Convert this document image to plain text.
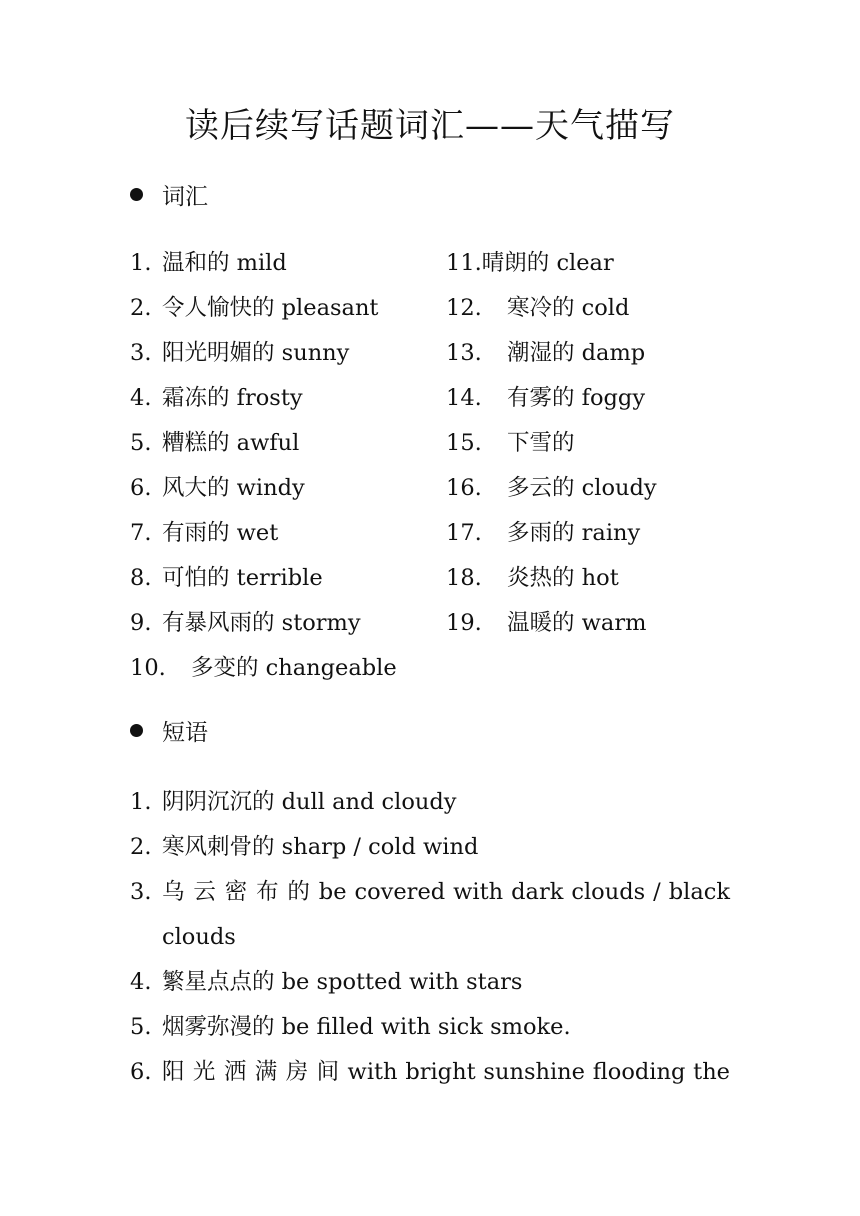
读后续写话题词汇——天气描写
词汇
1. 温和的 mild
2. 令人愉快的 pleasant
3. 阳光明媚的 sunny
4. 霜冻的 frosty
5. 糟糕的 awful
6. 风大的 windy
7. 有雨的 wet
8. 可怕的 terrible
9. 有暴风雨的 stormy
10. 多变的 changeable
11.晴朗的 clear
12. 寒冷的 cold
13. 潮湿的 damp
14. 有雾的 foggy
15. 下雪的
16. 多云的 cloudy
17. 多雨的 rainy
18. 炎热的 hot
19. 温暖的 warm
短语
1. 阴阴沉沉的 dull and cloudy
2. 寒风刺骨的 sharp / cold wind
3. 乌 云 密 布 的 be covered with dark clouds / black clouds
4. 繁星点点的 be spotted with stars
5. 烟雾弥漫的 be filled with sick smoke.
6. 阳 光 洒 满 房 间 with bright sunshine flooding the
